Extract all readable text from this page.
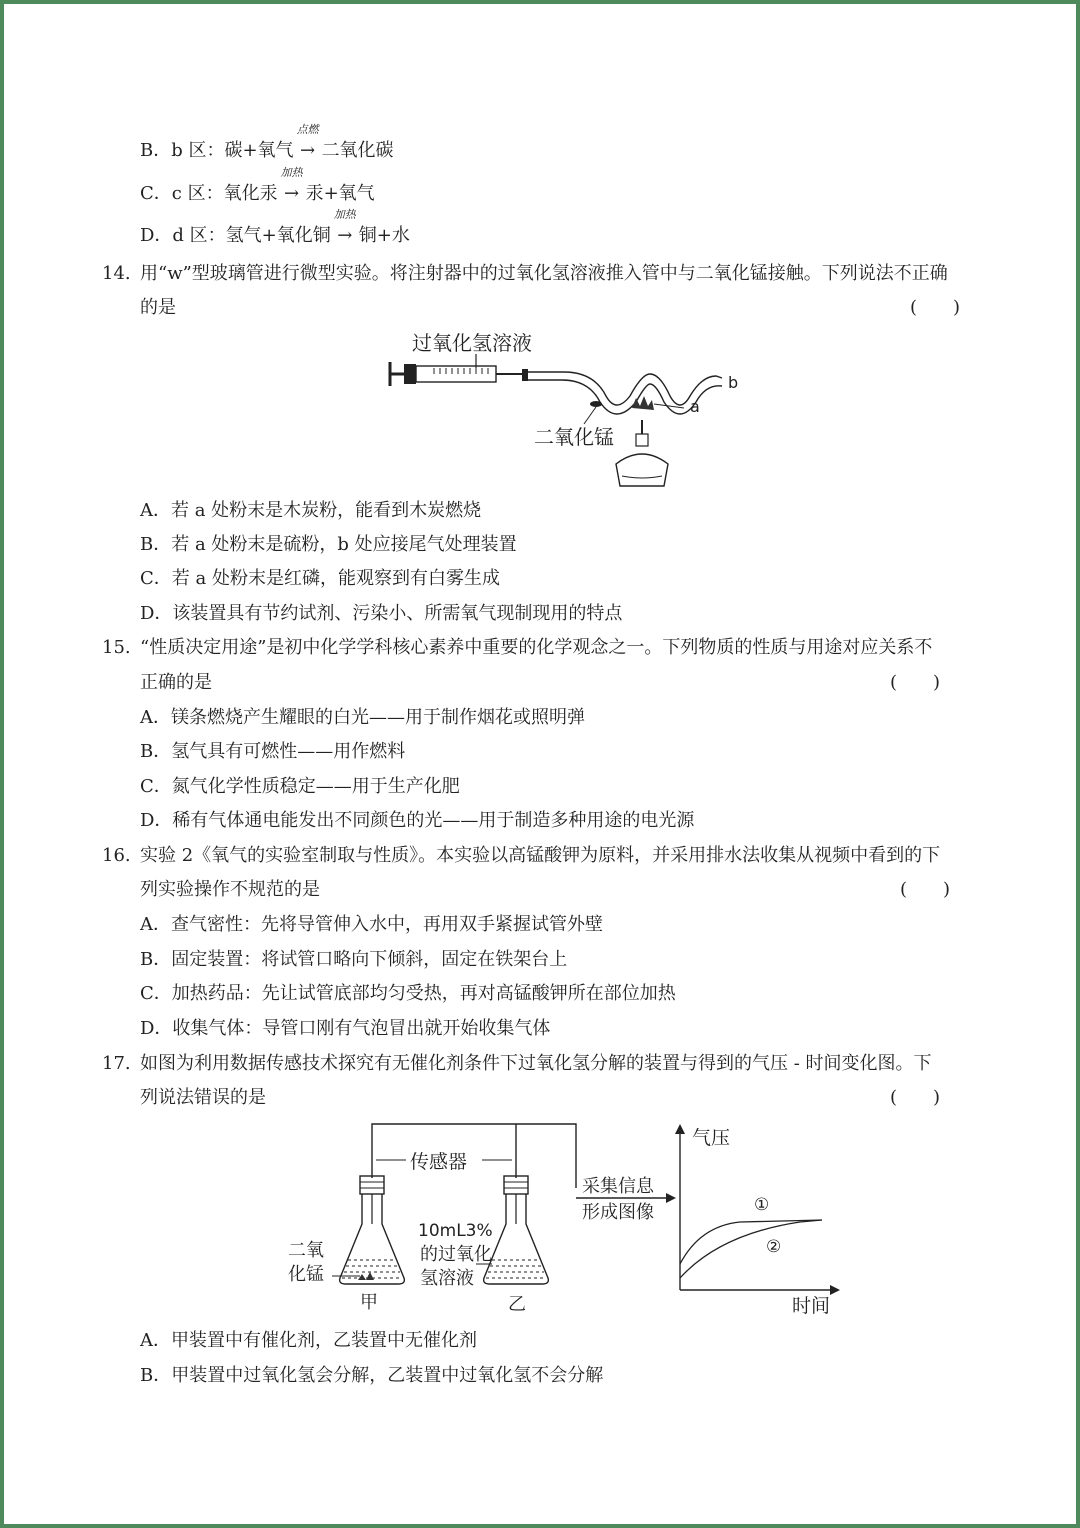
B．b 区：碳+氧气
点燃
→ 二氧化碳
C．c 区：氧化汞
加热
→ 汞+氧气
D．d 区：氢气+氧化铜
加热
→ 铜+水
14. 用“w”型玻璃管进行微型实验。将注射器中的过氧化氢溶液推入管中与二氧化锰接触。下列说法不正确
的是	(　　)
过氧化氢溶液
b
二氧化锰
a
A．若 a 处粉末是木炭粉，能看到木炭燃烧
B．若 a 处粉末是硫粉，b 处应接尾气处理装置
C．若 a 处粉末是红磷，能观察到有白雾生成
D．该装置具有节约试剂、污染小、所需氧气现制现用的特点
15. “性质决定用途”是初中化学学科核心素养中重要的化学观念之一。下列物质的性质与用途对应关系不
正确的是	(　　)
A．镁条燃烧产生耀眼的白光——用于制作烟花或照明弹
B．氢气具有可燃性——用作燃料
C．氮气化学性质稳定——用于生产化肥
D．稀有气体通电能发出不同颜色的光——用于制造多种用途的电光源
16. 实验 2《氧气的实验室制取与性质》。本实验以高锰酸钾为原料，并采用排水法收集从视频中看到的下
列实验操作不规范的是	(　　)
A．查气密性：先将导管伸入水中，再用双手紧握试管外壁
B．固定装置：将试管口略向下倾斜，固定在铁架台上
C．加热药品：先让试管底部均匀受热，再对高锰酸钾所在部位加热
D．收集气体：导管口刚有气泡冒出就开始收集气体
17. 如图为利用数据传感技术探究有无催化剂条件下过氧化氢分解的装置与得到的气压 - 时间变化图。下
列说法错误的是	(　　)
传感器
采集信息
形成图像
二氧
化锰
甲
10mL3%
的过氧化
氢溶液
乙
气压
时间
①
②
A．甲装置中有催化剂，乙装置中无催化剂
B．甲装置中过氧化氢会分解，乙装置中过氧化氢不会分解
